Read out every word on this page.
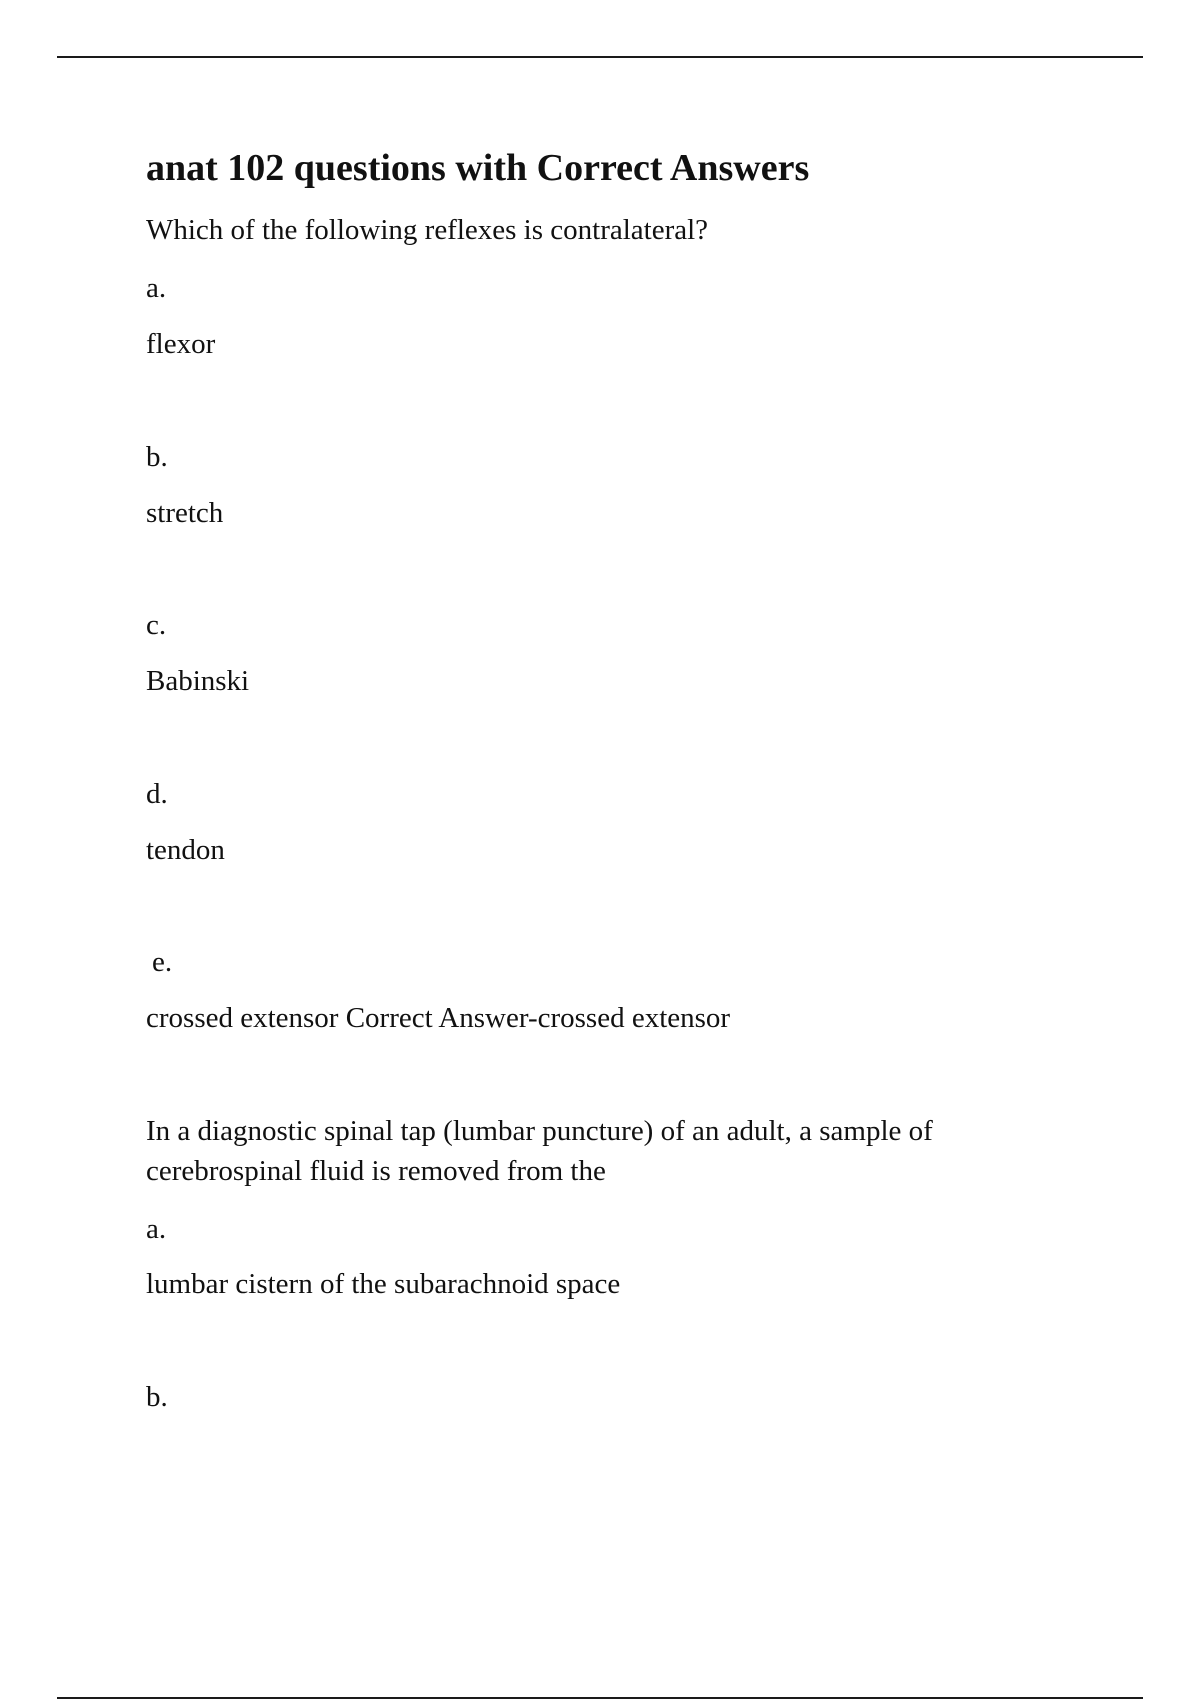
anat 102 questions with Correct Answers

Which of the following reflexes is contralateral?

a.

flexor

b.

stretch

c.

Babinski

d.

tendon

e.

crossed extensor Correct Answer-crossed extensor

In a diagnostic spinal tap (lumbar puncture) of an adult, a sample of

cerebrospinal fluid is removed from the

a.

lumbar cistern of the subarachnoid space

b.
